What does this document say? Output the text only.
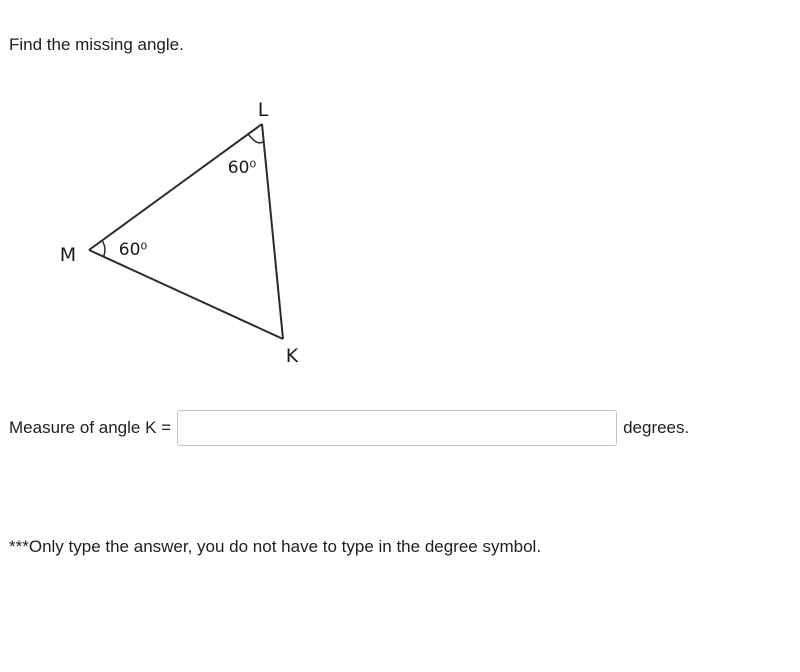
Find the missing angle.
L
M
K
60⁰
60⁰
Measure of angle K =	degrees.
***Only type the answer, you do not have to type in the degree symbol.
